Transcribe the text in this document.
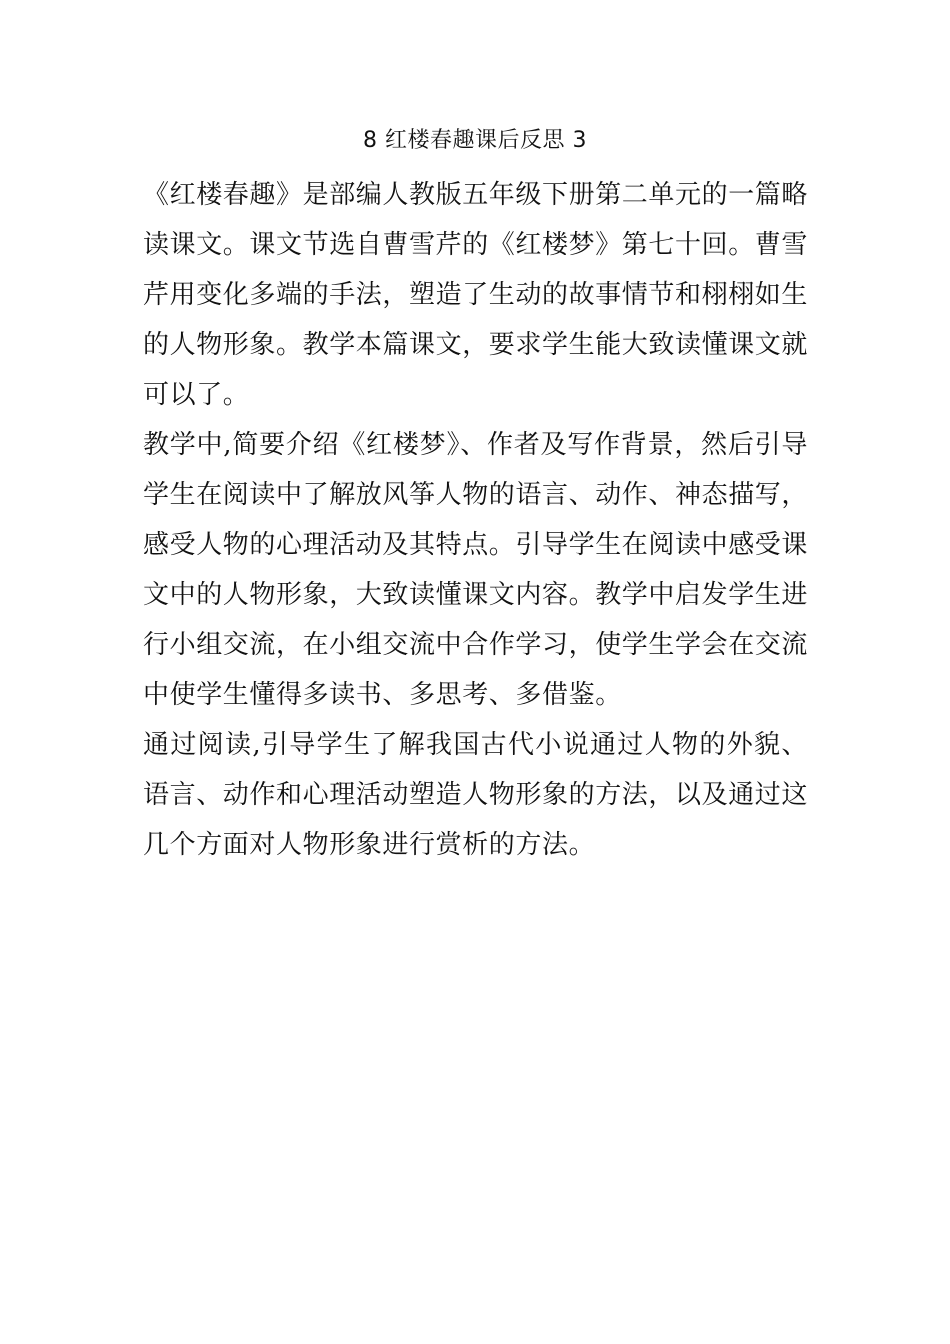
8 红楼春趣课后反思 3

《红楼春趣》是部编人教版五年级下册第二单元的一篇略读课文。课文节选自曹雪芹的《红楼梦》第七十回。曹雪芹用变化多端的手法，塑造了生动的故事情节和栩栩如生的人物形象。教学本篇课文，要求学生能大致读懂课文就可以了。

教学中,简要介绍《红楼梦》、作者及写作背景，然后引导学生在阅读中了解放风筝人物的语言、动作、神态描写，感受人物的心理活动及其特点。引导学生在阅读中感受课文中的人物形象，大致读懂课文内容。教学中启发学生进行小组交流，在小组交流中合作学习，使学生学会在交流中使学生懂得多读书、多思考、多借鉴。

通过阅读,引导学生了解我国古代小说通过人物的外貌、语言、动作和心理活动塑造人物形象的方法，以及通过这几个方面对人物形象进行赏析的方法。
